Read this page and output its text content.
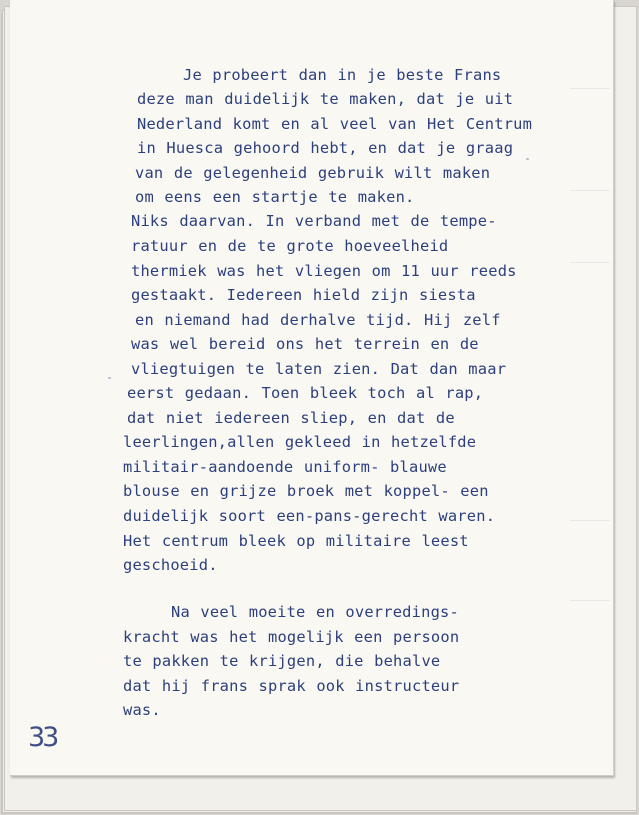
Je probeert dan in je beste Frans
deze man duidelijk te maken, dat je uit
Nederland komt en al veel van Het Centrum
in Huesca gehoord hebt, en dat je graag
van de gelegenheid gebruik wilt maken
om eens een startje te maken.
Niks daarvan. In verband met de tempe-
ratuur en de te grote hoeveelheid
thermiek was het vliegen om 11 uur reeds
gestaakt. Iedereen hield zijn siesta
en niemand had derhalve tijd. Hij zelf
was wel bereid ons het terrein en de
vliegtuigen te laten zien. Dat dan maar
eerst gedaan. Toen bleek toch al rap,
dat niet iedereen sliep, en dat de
leerlingen,allen gekleed in hetzelfde
militair-aandoende uniform- blauwe
blouse en grijze broek met koppel- een
duidelijk soort een-pans-gerecht waren.
Het centrum bleek op militaire leest
geschoeid.
Na veel moeite en overredings-
kracht was het mogelijk een persoon
te pakken te krijgen, die behalve
dat hij frans sprak ook instructeur
was.
33
